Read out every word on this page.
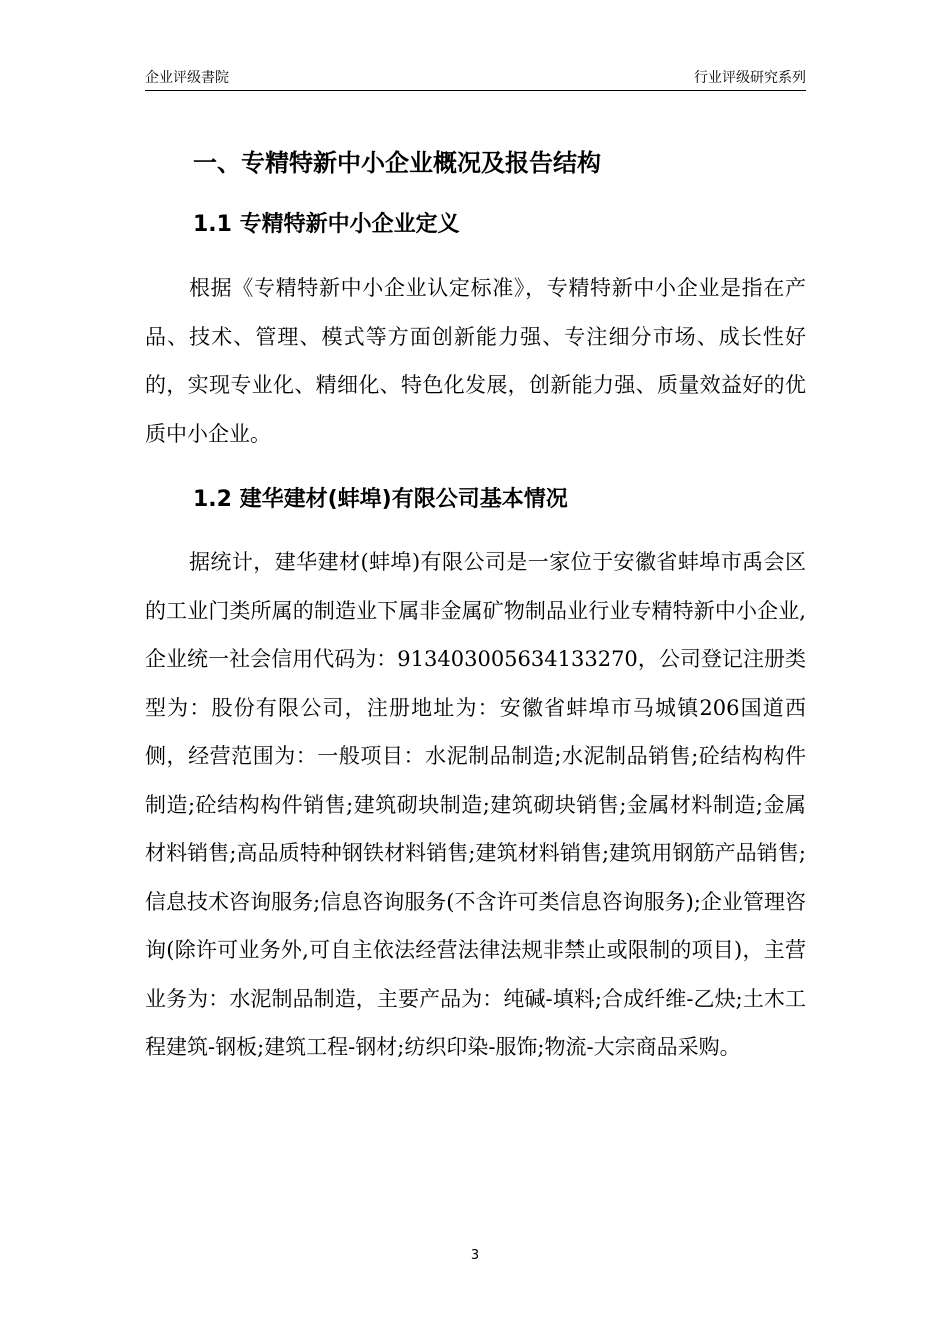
企业评级書院	行业评级研究系列
一、专精特新中小企业概况及报告结构
1.1 专精特新中小企业定义

根据《专精特新中小企业认定标准》，专精特新中小企业是指在产品、技术、管理、模式等方面创新能力强、专注细分市场、成长性好的，实现专业化、精细化、特色化发展，创新能力强、质量效益好的优质中小企业。

1.2 建华建材(蚌埠)有限公司基本情况

据统计，建华建材(蚌埠)有限公司是一家位于安徽省蚌埠市禹会区的工业门类所属的制造业下属非金属矿物制品业行业专精特新中小企业,企业统一社会信用代码为：913403005634133270，公司登记注册类型为：股份有限公司，注册地址为：安徽省蚌埠市马城镇206国道西侧，经营范围为：一般项目：水泥制品制造;水泥制品销售;砼结构构件制造;砼结构构件销售;建筑砌块制造;建筑砌块销售;金属材料制造;金属材料销售;高品质特种钢铁材料销售;建筑材料销售;建筑用钢筋产品销售;信息技术咨询服务;信息咨询服务(不含许可类信息咨询服务);企业管理咨询(除许可业务外,可自主依法经营法律法规非禁止或限制的项目)，主营业务为：水泥制品制造，主要产品为：纯碱-填料;合成纤维-乙炔;土木工程建筑-钢板;建筑工程-钢材;纺织印染-服饰;物流-大宗商品采购。

3
